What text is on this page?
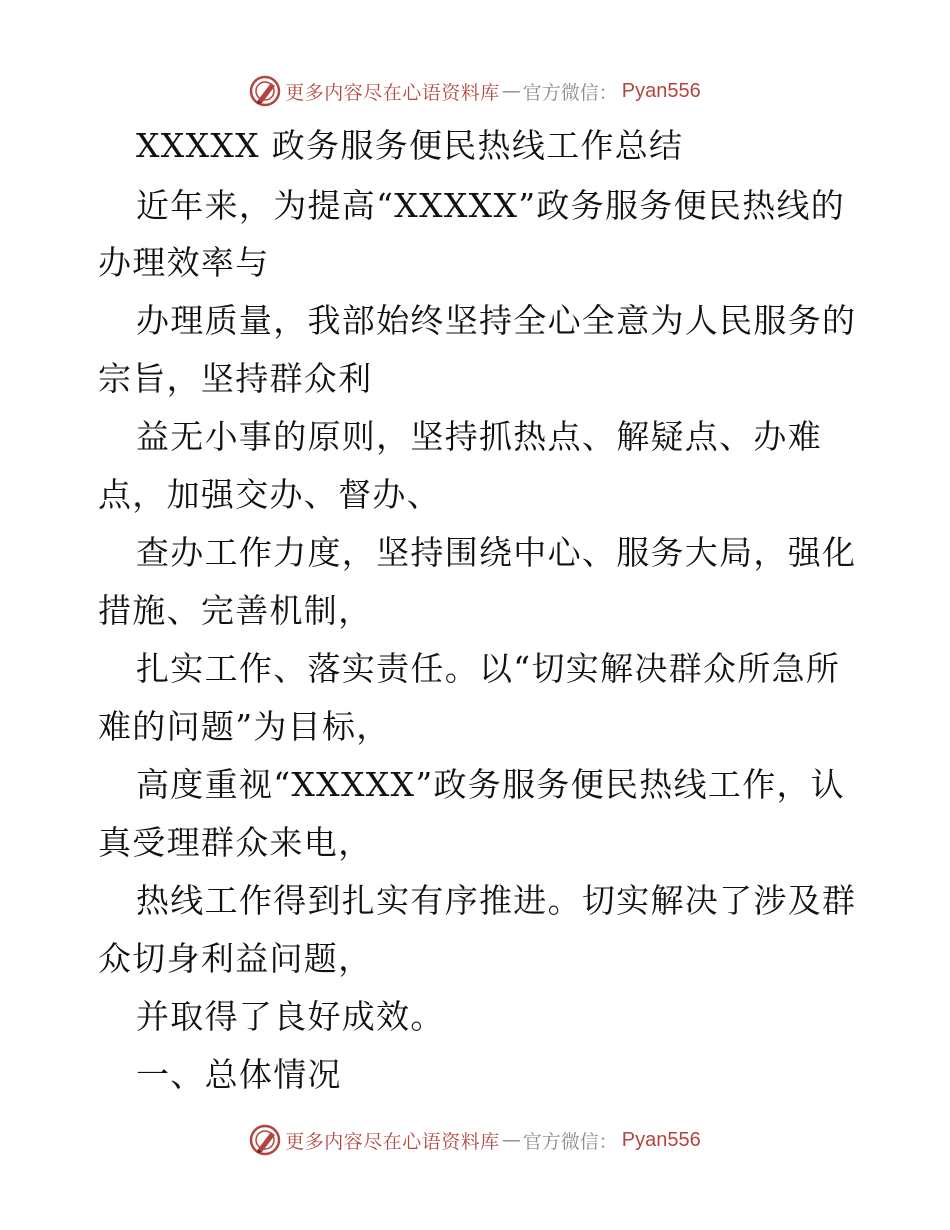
更多内容尽在心语资料库 — 官方微信： Pyan556
XXXXX 政务服务便民热线工作总结
近年来，为提高“XXXXX”政务服务便民热线的
办理效率与
办理质量，我部始终坚持全心全意为人民服务的
宗旨，坚持群众利
益无小事的原则，坚持抓热点、解疑点、办难
点，加强交办、督办、
查办工作力度，坚持围绕中心、服务大局，强化
措施、完善机制，
扎实工作、落实责任。以“切实解决群众所急所
难的问题”为目标，
高度重视“XXXXX”政务服务便民热线工作，认
真受理群众来电，
热线工作得到扎实有序推进。切实解决了涉及群
众切身利益问题，
并取得了良好成效。
一、总体情况
更多内容尽在心语资料库 — 官方微信： Pyan556
